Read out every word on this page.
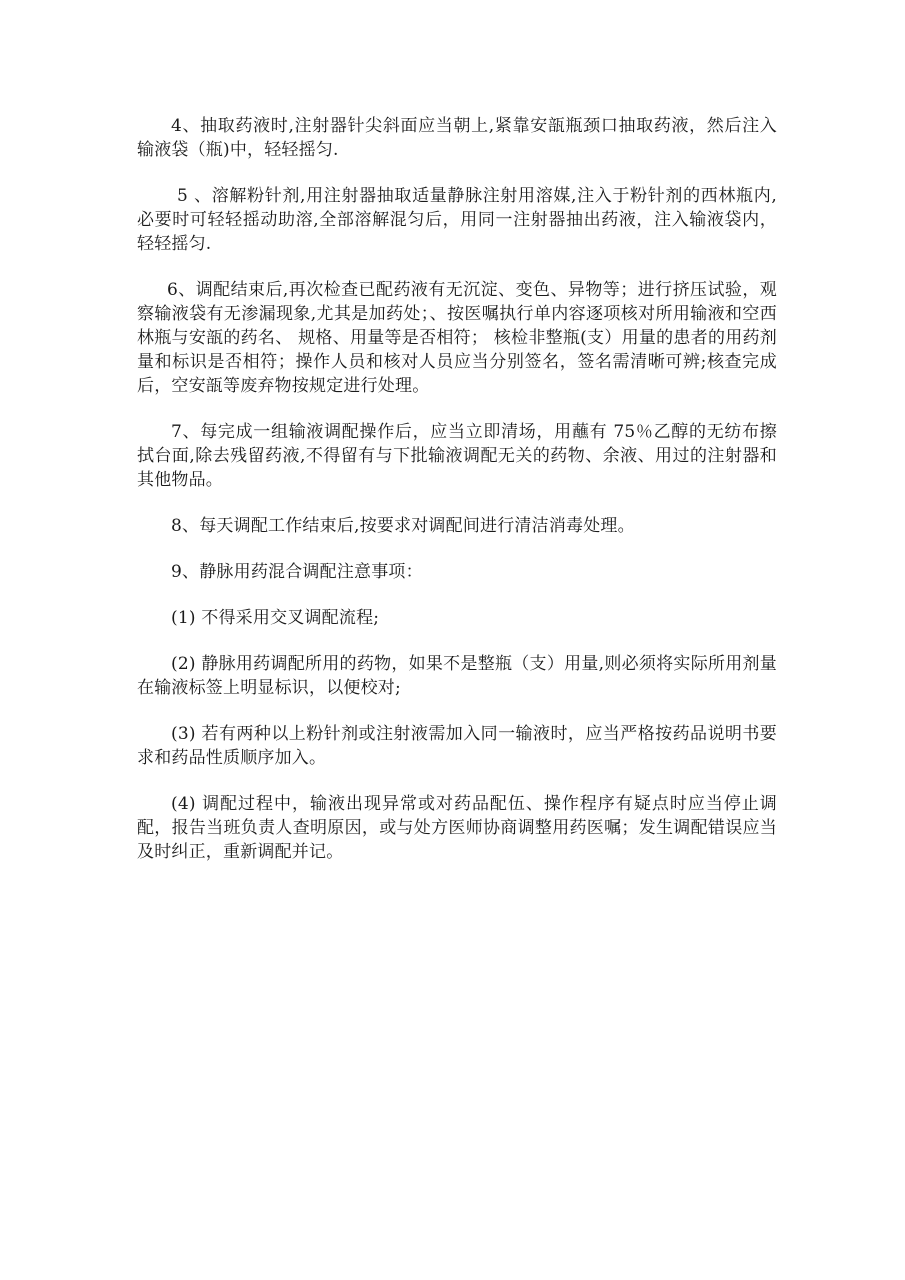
4、抽取药液时,注射器针尖斜面应当朝上,紧靠安瓿瓶颈口抽取药液，然后注入输液袋（瓶)中，轻轻摇匀.

5 、溶解粉针剂,用注射器抽取适量静脉注射用溶媒,注入于粉针剂的西林瓶内,必要时可轻轻摇动助溶,全部溶解混匀后，用同一注射器抽出药液，注入输液袋内，轻轻摇匀.

6、调配结束后,再次检查已配药液有无沉淀、变色、异物等；进行挤压试验，观察输液袋有无渗漏现象,尤其是加药处；、按医嘱执行单内容逐项核对所用输液和空西林瓶与安瓿的药名、 规格、用量等是否相符； 核检非整瓶(支）用量的患者的用药剂量和标识是否相符；操作人员和核对人员应当分别签名，签名需清晰可辨;核查完成后，空安瓿等废弃物按规定进行处理。

7、每完成一组输液调配操作后，应当立即清场，用蘸有 75％乙醇的无纺布擦拭台面,除去残留药液,不得留有与下批输液调配无关的药物、余液、用过的注射器和其他物品。

8、每天调配工作结束后,按要求对调配间进行清洁消毒处理。

9、静脉用药混合调配注意事项：

(1) 不得采用交叉调配流程;

(2) 静脉用药调配所用的药物，如果不是整瓶（支）用量,则必须将实际所用剂量在输液标签上明显标识，以便校对;

(3) 若有两种以上粉针剂或注射液需加入同一输液时，应当严格按药品说明书要求和药品性质顺序加入。

(4) 调配过程中，输液出现异常或对药品配伍、操作程序有疑点时应当停止调配，报告当班负责人查明原因，或与处方医师协商调整用药医嘱；发生调配错误应当及时纠正，重新调配并记。
